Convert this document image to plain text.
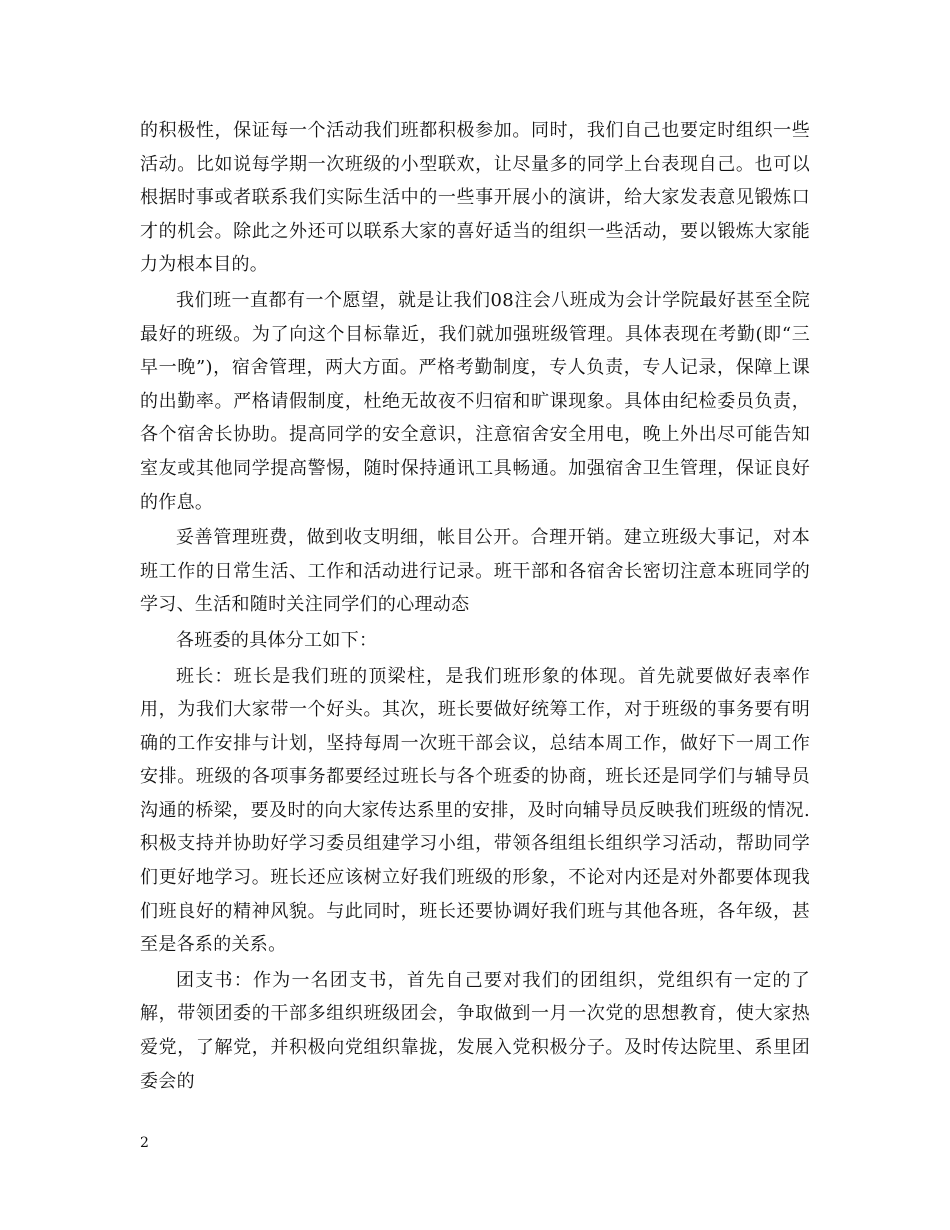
的积极性，保证每一个活动我们班都积极参加。同时，我们自己也要定时组织一些活动。比如说每学期一次班级的小型联欢，让尽量多的同学上台表现自己。也可以根据时事或者联系我们实际生活中的一些事开展小的演讲，给大家发表意见锻炼口才的机会。除此之外还可以联系大家的喜好适当的组织一些活动，要以锻炼大家能力为根本目的。

我们班一直都有一个愿望，就是让我们08注会八班成为会计学院最好甚至全院最好的班级。为了向这个目标靠近，我们就加强班级管理。具体表现在考勤(即“三早一晚”)，宿舍管理，两大方面。严格考勤制度，专人负责，专人记录，保障上课的出勤率。严格请假制度，杜绝无故夜不归宿和旷课现象。具体由纪检委员负责，各个宿舍长协助。提高同学的安全意识，注意宿舍安全用电，晚上外出尽可能告知室友或其他同学提高警惕，随时保持通讯工具畅通。加强宿舍卫生管理，保证良好的作息。

妥善管理班费，做到收支明细，帐目公开。合理开销。建立班级大事记，对本班工作的日常生活、工作和活动进行记录。班干部和各宿舍长密切注意本班同学的学习、生活和随时关注同学们的心理动态

各班委的具体分工如下：

班长：班长是我们班的顶梁柱，是我们班形象的体现。首先就要做好表率作用，为我们大家带一个好头。其次，班长要做好统筹工作，对于班级的事务要有明确的工作安排与计划，坚持每周一次班干部会议，总结本周工作，做好下一周工作安排。班级的各项事务都要经过班长与各个班委的协商，班长还是同学们与辅导员沟通的桥梁，要及时的向大家传达系里的安排，及时向辅导员反映我们班级的情况.积极支持并协助好学习委员组建学习小组，带领各组组长组织学习活动，帮助同学们更好地学习。班长还应该树立好我们班级的形象，不论对内还是对外都要体现我们班良好的精神风貌。与此同时，班长还要协调好我们班与其他各班，各年级，甚至是各系的关系。

团支书：作为一名团支书，首先自己要对我们的团组织，党组织有一定的了解，带领团委的干部多组织班级团会，争取做到一月一次党的思想教育，使大家热爱党，了解党，并积极向党组织靠拢，发展入党积极分子。及时传达院里、系里团委会的

2
